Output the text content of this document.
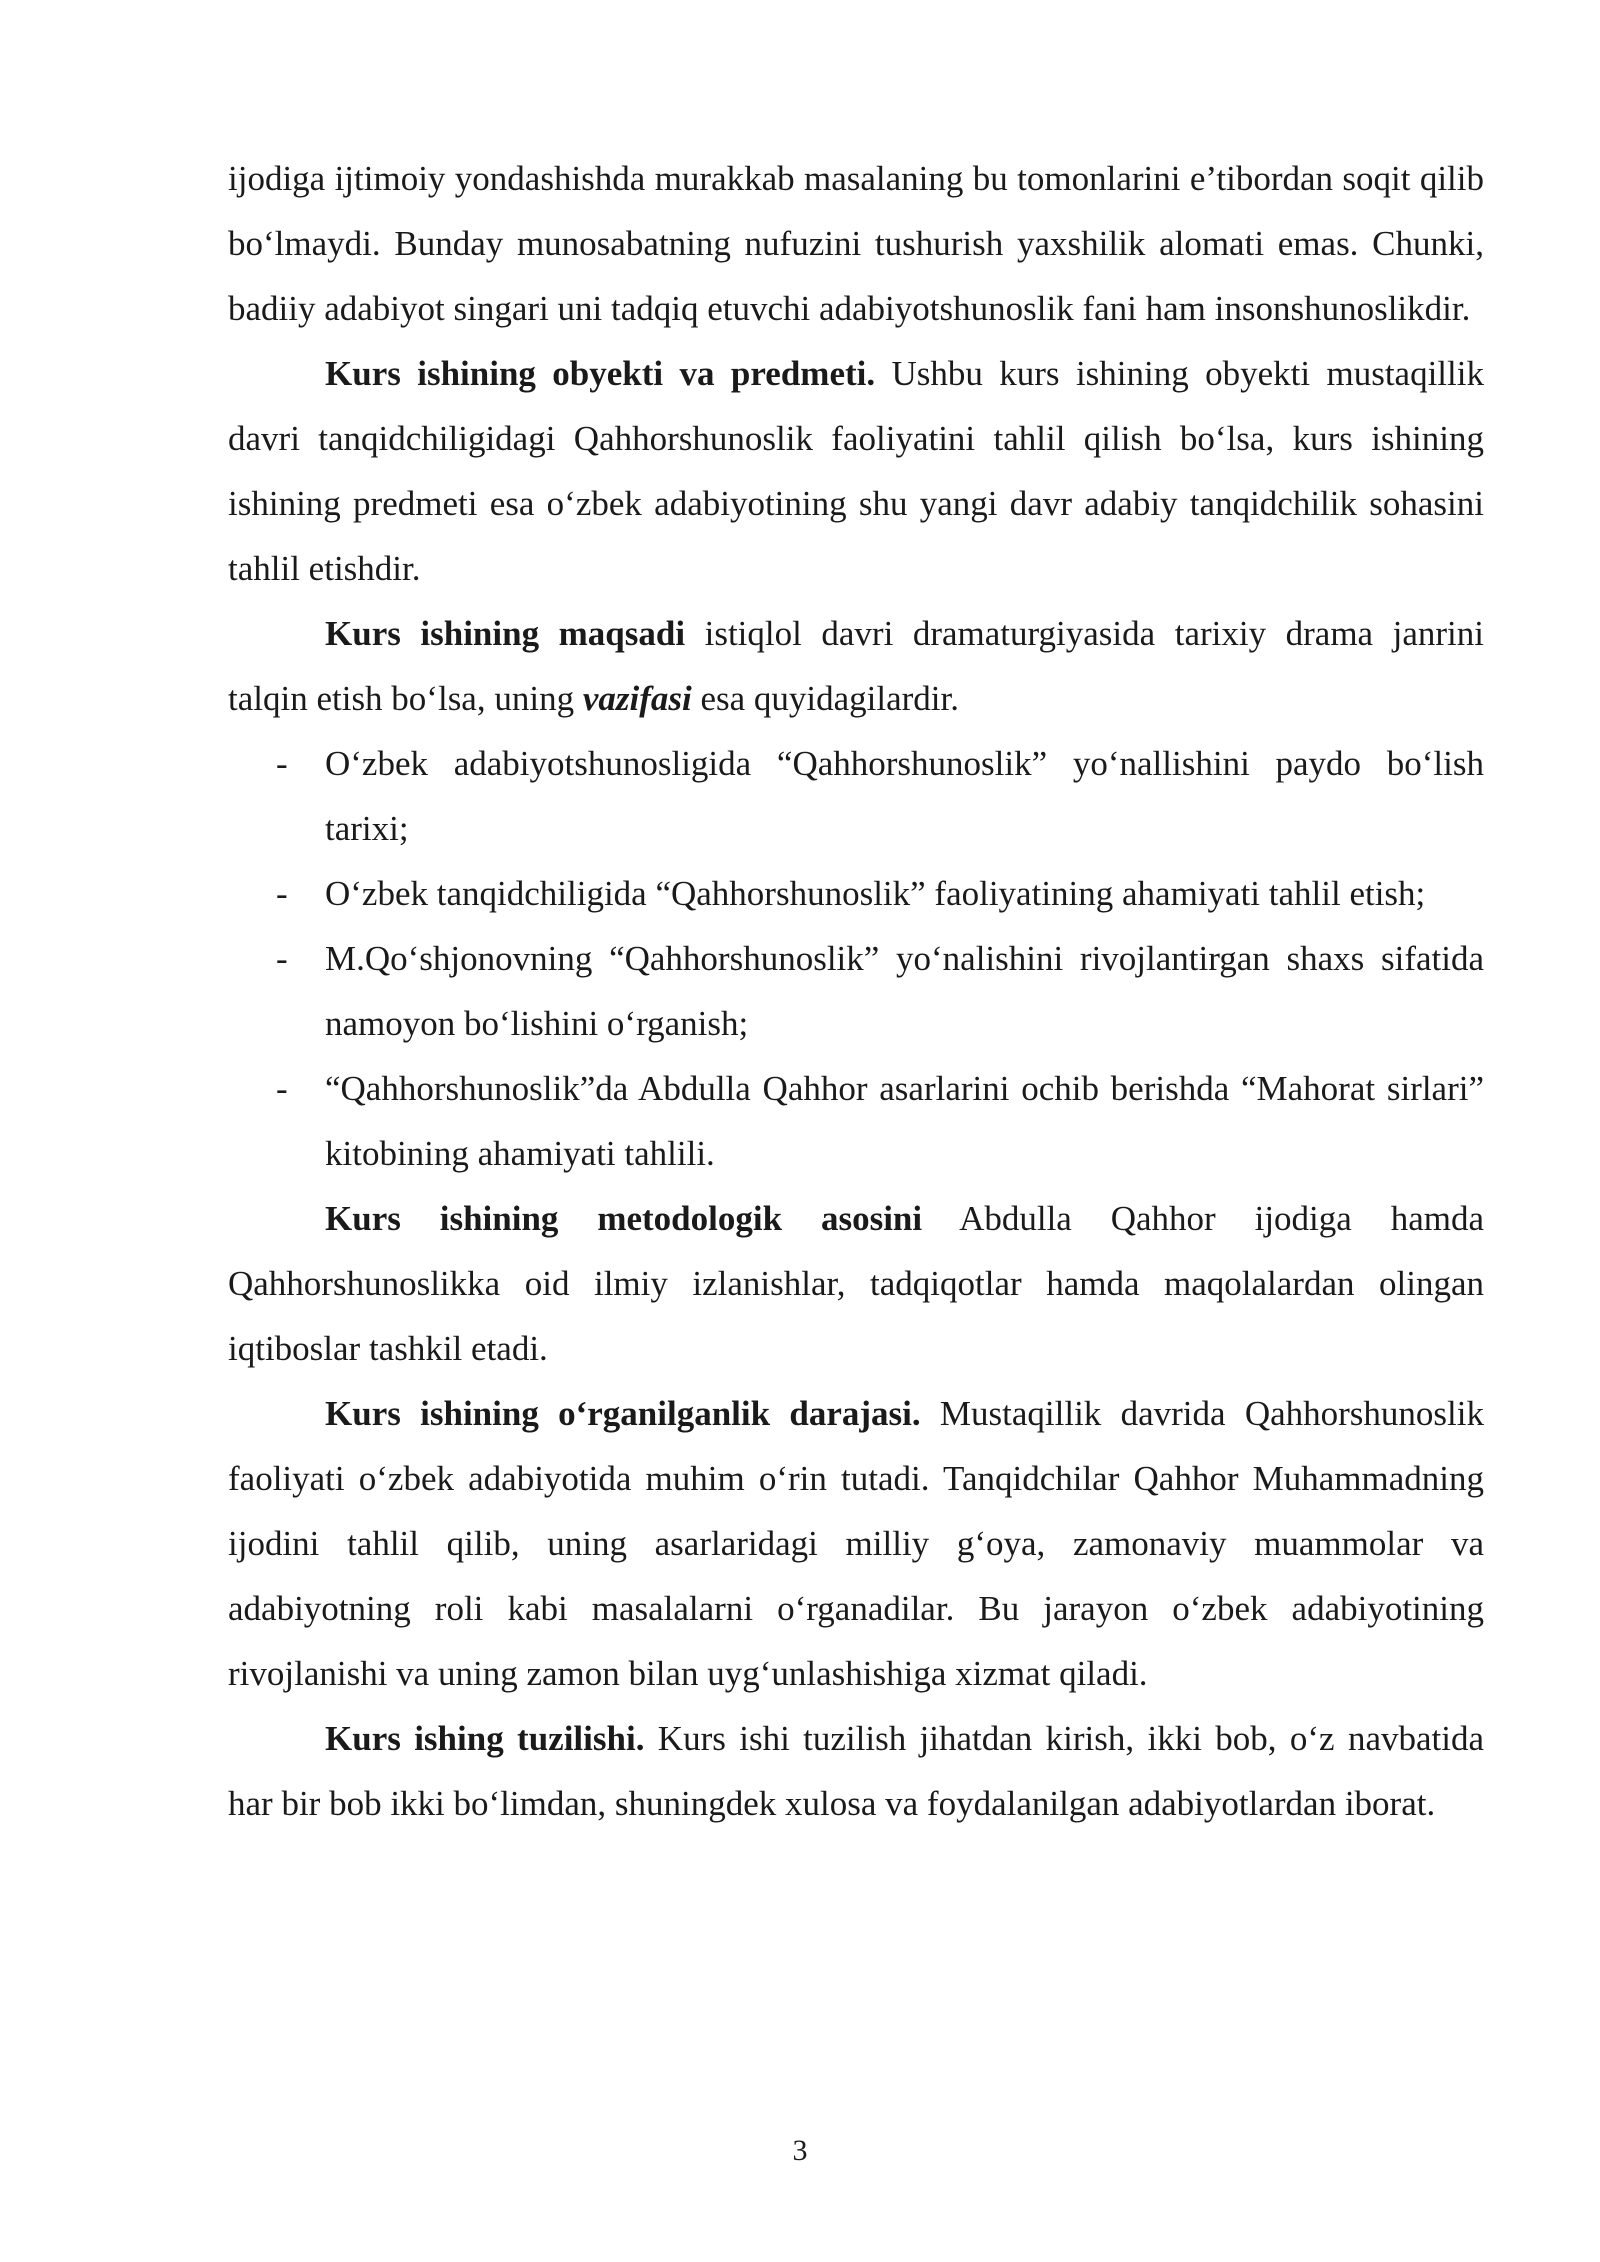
ijodiga ijtimoiy yondashishda murakkab masalaning bu tomonlarini e’tibordan soqit qilib bo‘lmaydi. Bunday munosabatning nufuzini tushurish yaxshilik alomati emas. Chunki, badiiy adabiyot singari uni tadqiq etuvchi adabiyotshunoslik fani ham insonshunoslikdir.

Kurs ishining obyekti va predmeti. Ushbu kurs ishining obyekti mustaqillik davri tanqidchiligidagi Qahhorshunoslik faoliyatini tahlil qilish bo‘lsa, kurs ishining ishining predmeti esa o‘zbek adabiyotining shu yangi davr adabiy tanqidchilik sohasini tahlil etishdir.

Kurs ishining maqsadi istiqlol davri dramaturgiyasida tarixiy drama janrini talqin etish bo‘lsa, uning vazifasi esa quyidagilardir.

- O‘zbek adabiyotshunosligida “Qahhorshunoslik” yo‘nallishini paydo bo‘lish tarixi;
- O‘zbek tanqidchiligida “Qahhorshunoslik” faoliyatining ahamiyati tahlil etish;
- M.Qo‘shjonovning “Qahhorshunoslik” yo‘nalishini rivojlantirgan shaxs sifatida namoyon bo‘lishini o‘rganish;
- “Qahhorshunoslik”da Abdulla Qahhor asarlarini ochib berishda “Mahorat sirlari” kitobining ahamiyati tahlili.

Kurs ishining metodologik asosini Abdulla Qahhor ijodiga hamda Qahhorshunoslikka oid ilmiy izlanishlar, tadqiqotlar hamda maqolalardan olingan iqtiboslar tashkil etadi.

Kurs ishining o‘rganilganlik darajasi. Mustaqillik davrida Qahhorshunoslik faoliyati o‘zbek adabiyotida muhim o‘rin tutadi. Tanqidchilar Qahhor Muhammadning ijodini tahlil qilib, uning asarlaridagi milliy g‘oya, zamonaviy muammolar va adabiyotning roli kabi masalalarni o‘rganadilar. Bu jarayon o‘zbek adabiyotining rivojlanishi va uning zamon bilan uyg‘unlashishiga xizmat qiladi.

Kurs ishing tuzilishi. Kurs ishi tuzilish jihatdan kirish, ikki bob, o‘z navbatida har bir bob ikki bo‘limdan, shuningdek xulosa va foydalanilgan adabiyotlardan iborat.

3
